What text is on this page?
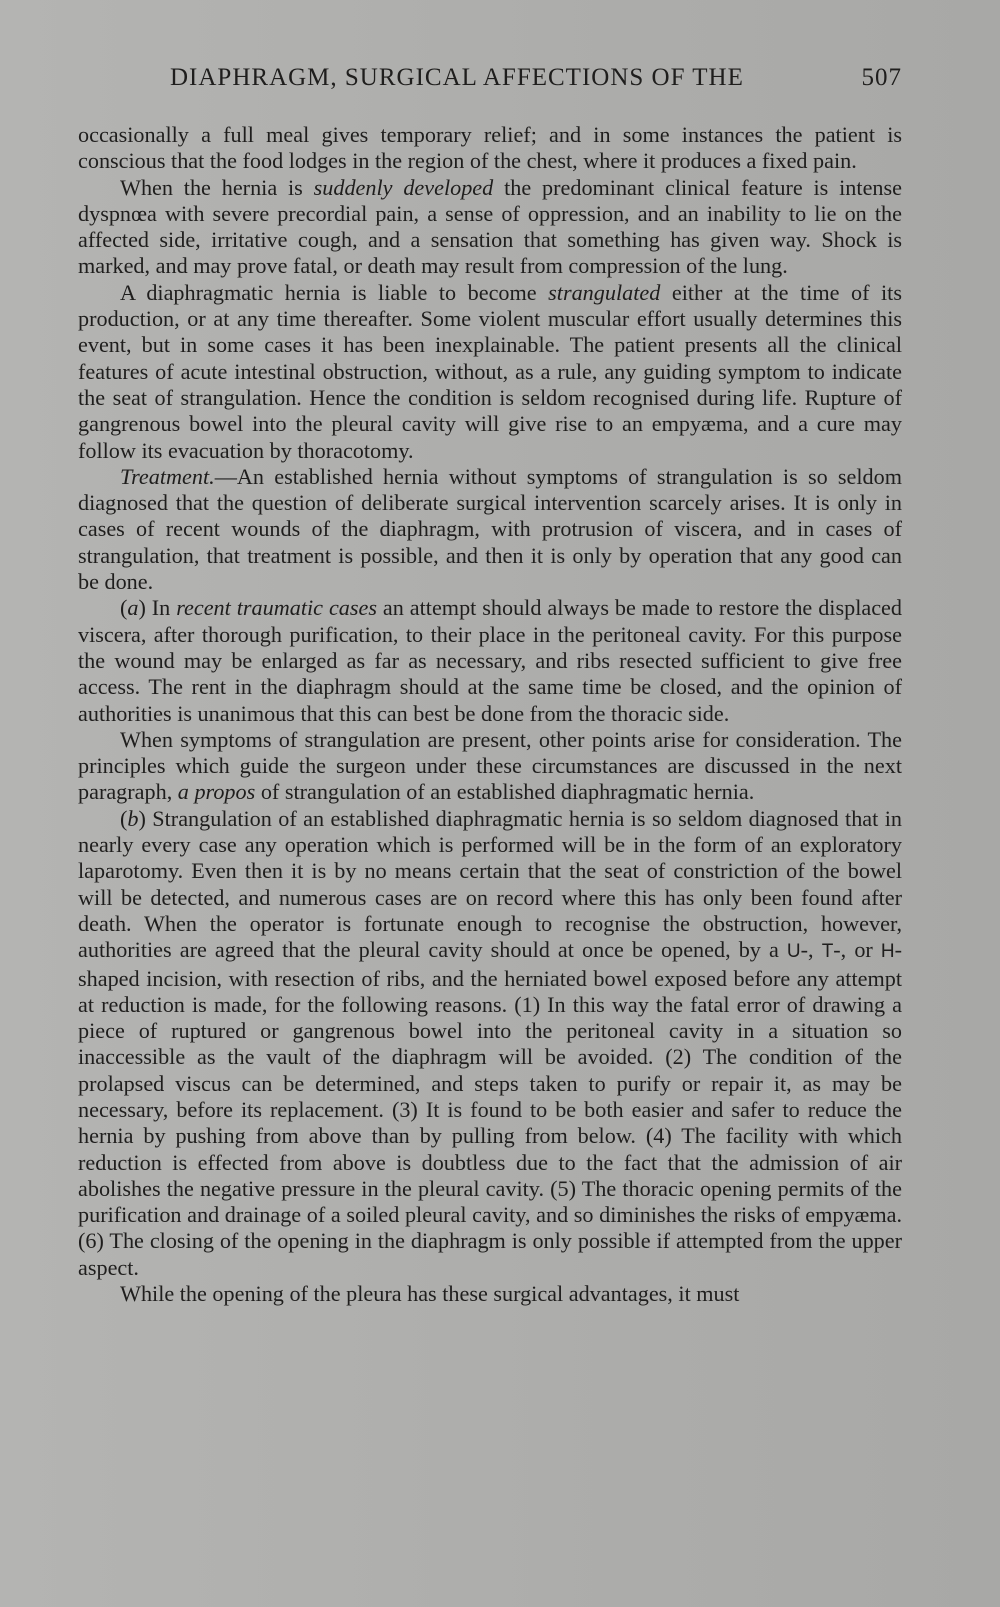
DIAPHRAGM, SURGICAL AFFECTIONS OF THE	507

occasionally a full meal gives temporary relief; and in some instances the patient is conscious that the food lodges in the region of the chest, where it produces a fixed pain.

When the hernia is suddenly developed the predominant clinical feature is intense dyspnœa with severe precordial pain, a sense of oppression, and an inability to lie on the affected side, irritative cough, and a sensation that something has given way. Shock is marked, and may prove fatal, or death may result from compression of the lung.

A diaphragmatic hernia is liable to become strangulated either at the time of its production, or at any time thereafter. Some violent muscular effort usually determines this event, but in some cases it has been inexplainable. The patient presents all the clinical features of acute intestinal obstruction, without, as a rule, any guiding symptom to indicate the seat of strangulation. Hence the condition is seldom recognised during life. Rupture of gangrenous bowel into the pleural cavity will give rise to an empyæma, and a cure may follow its evacuation by thoracotomy.

Treatment.—An established hernia without symptoms of strangulation is so seldom diagnosed that the question of deliberate surgical intervention scarcely arises. It is only in cases of recent wounds of the diaphragm, with protrusion of viscera, and in cases of strangulation, that treatment is possible, and then it is only by operation that any good can be done.

(a) In recent traumatic cases an attempt should always be made to restore the displaced viscera, after thorough purification, to their place in the peritoneal cavity. For this purpose the wound may be enlarged as far as necessary, and ribs resected sufficient to give free access. The rent in the diaphragm should at the same time be closed, and the opinion of authorities is unanimous that this can best be done from the thoracic side.

When symptoms of strangulation are present, other points arise for consideration. The principles which guide the surgeon under these circumstances are discussed in the next paragraph, a propos of strangulation of an established diaphragmatic hernia.

(b) Strangulation of an established diaphragmatic hernia is so seldom diagnosed that in nearly every case any operation which is performed will be in the form of an exploratory laparotomy. Even then it is by no means certain that the seat of constriction of the bowel will be detected, and numerous cases are on record where this has only been found after death. When the operator is fortunate enough to recognise the obstruction, however, authorities are agreed that the pleural cavity should at once be opened, by a U-, T-, or H-shaped incision, with resection of ribs, and the herniated bowel exposed before any attempt at reduction is made, for the following reasons. (1) In this way the fatal error of drawing a piece of ruptured or gangrenous bowel into the peritoneal cavity in a situation so inaccessible as the vault of the diaphragm will be avoided. (2) The condition of the prolapsed viscus can be determined, and steps taken to purify or repair it, as may be necessary, before its replacement. (3) It is found to be both easier and safer to reduce the hernia by pushing from above than by pulling from below. (4) The facility with which reduction is effected from above is doubtless due to the fact that the admission of air abolishes the negative pressure in the pleural cavity. (5) The thoracic opening permits of the purification and drainage of a soiled pleural cavity, and so diminishes the risks of empyæma. (6) The closing of the opening in the diaphragm is only possible if attempted from the upper aspect.

While the opening of the pleura has these surgical advantages, it must
